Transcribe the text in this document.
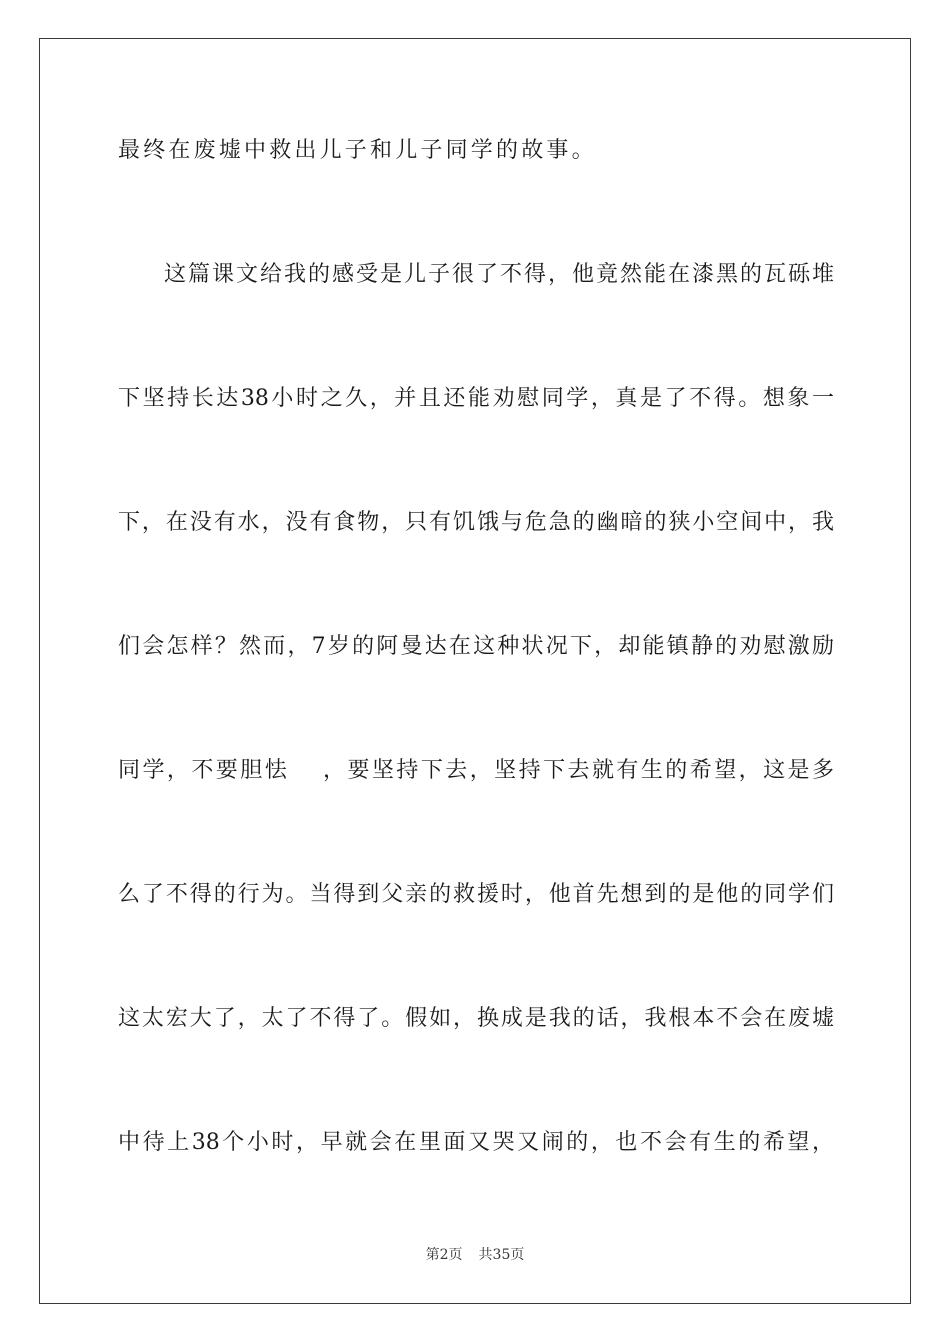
最终在废墟中救出儿子和儿子同学的故事。
这篇课文给我的感受是儿子很了不得，他竟然能在漆黑的瓦砾堆
下坚持长达38小时之久，并且还能劝慰同学，真是了不得。想象一
下，在没有水，没有食物，只有饥饿与危急的幽暗的狭小空间中，我
们会怎样？然而，7岁的阿曼达在这种状况下，却能镇静的劝慰激励
同学，不要胆怯　 ，要坚持下去，坚持下去就有生的希望，这是多
么了不得的行为。当得到父亲的救援时，他首先想到的是他的同学们
这太宏大了，太了不得了。假如，换成是我的话，我根本不会在废墟
中待上38个小时，早就会在里面又哭又闹的，也不会有生的希望，
第2页 共35页
